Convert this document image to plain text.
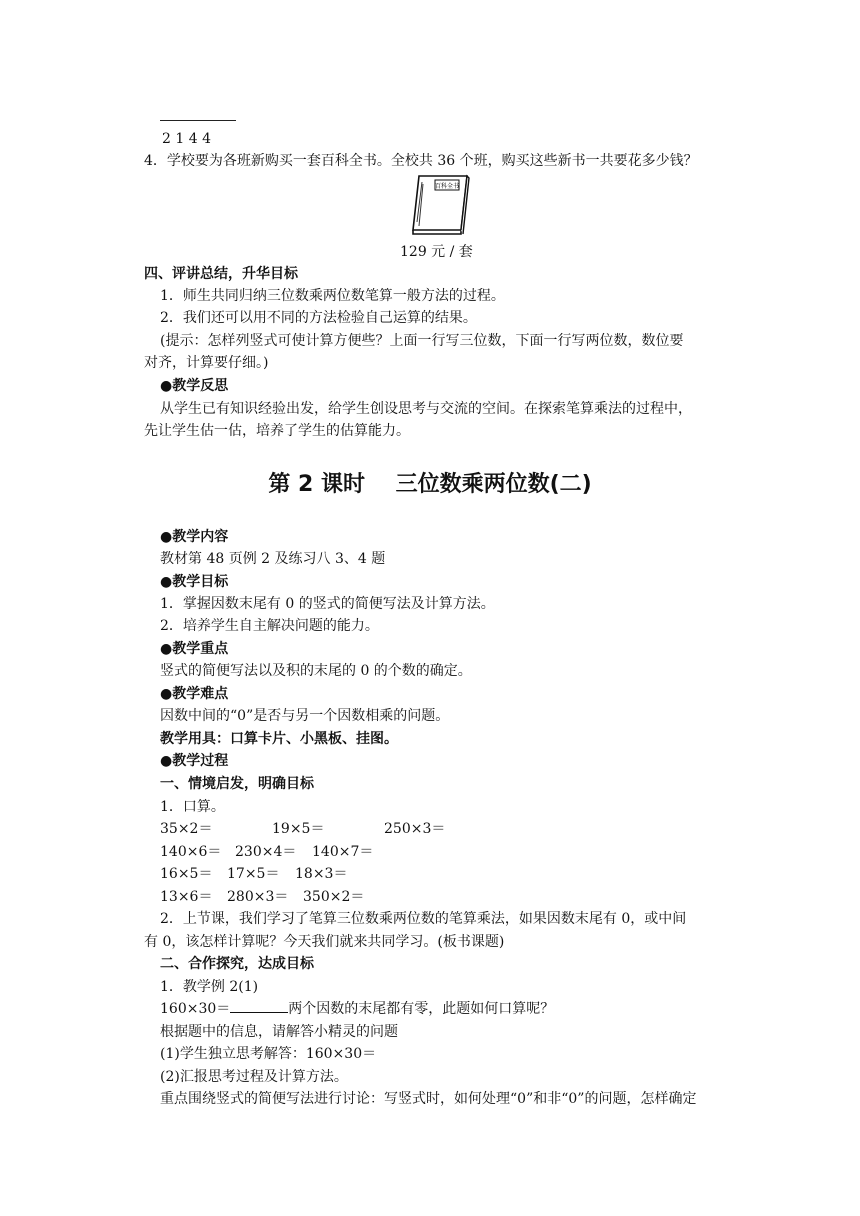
2 1 4 4
4．学校要为各班新购买一套百科全书。全校共 36 个班，购买这些新书一共要花多少钱？
百科全书
129 元 / 套
四、评讲总结，升华目标
1．师生共同归纳三位数乘两位数笔算一般方法的过程。
2．我们还可以用不同的方法检验自己运算的结果。
(提示：怎样列竖式可使计算方便些？上面一行写三位数，下面一行写两位数，数位要
对齐，计算要仔细。)
●教学反思
从学生已有知识经验出发，给学生创设思考与交流的空间。在探索笔算乘法的过程中，
先让学生估一估，培养了学生的估算能力。
第 2 课时    三位数乘两位数(二)
●教学内容
教材第 48 页例 2 及练习八 3、4 题
●教学目标
1．掌握因数末尾有 0 的竖式的简便写法及计算方法。
2．培养学生自主解决问题的能力。
●教学重点
竖式的简便写法以及积的末尾的 0 的个数的确定。
●教学难点
因数中间的“0”是否与另一个因数相乘的问题。
教学用具：口算卡片、小黑板、挂图。
●教学过程
一、情境启发，明确目标
1．口算。
35×2＝	19×5＝	250×3＝
140×6＝ 230×4＝ 140×7＝
16×5＝ 17×5＝ 18×3＝
13×6＝ 280×3＝ 350×2＝
2．上节课，我们学习了笔算三位数乘两位数的笔算乘法，如果因数末尾有 0，或中间
有 0，该怎样计算呢？今天我们就来共同学习。(板书课题)
二、合作探究，达成目标
1．教学例 2(1)
160×30＝	两个因数的末尾都有零，此题如何口算呢？
根据题中的信息，请解答小精灵的问题
(1)学生独立思考解答：160×30＝
(2)汇报思考过程及计算方法。
重点围绕竖式的简便写法进行讨论：写竖式时，如何处理“0”和非“0”的问题，怎样确定
